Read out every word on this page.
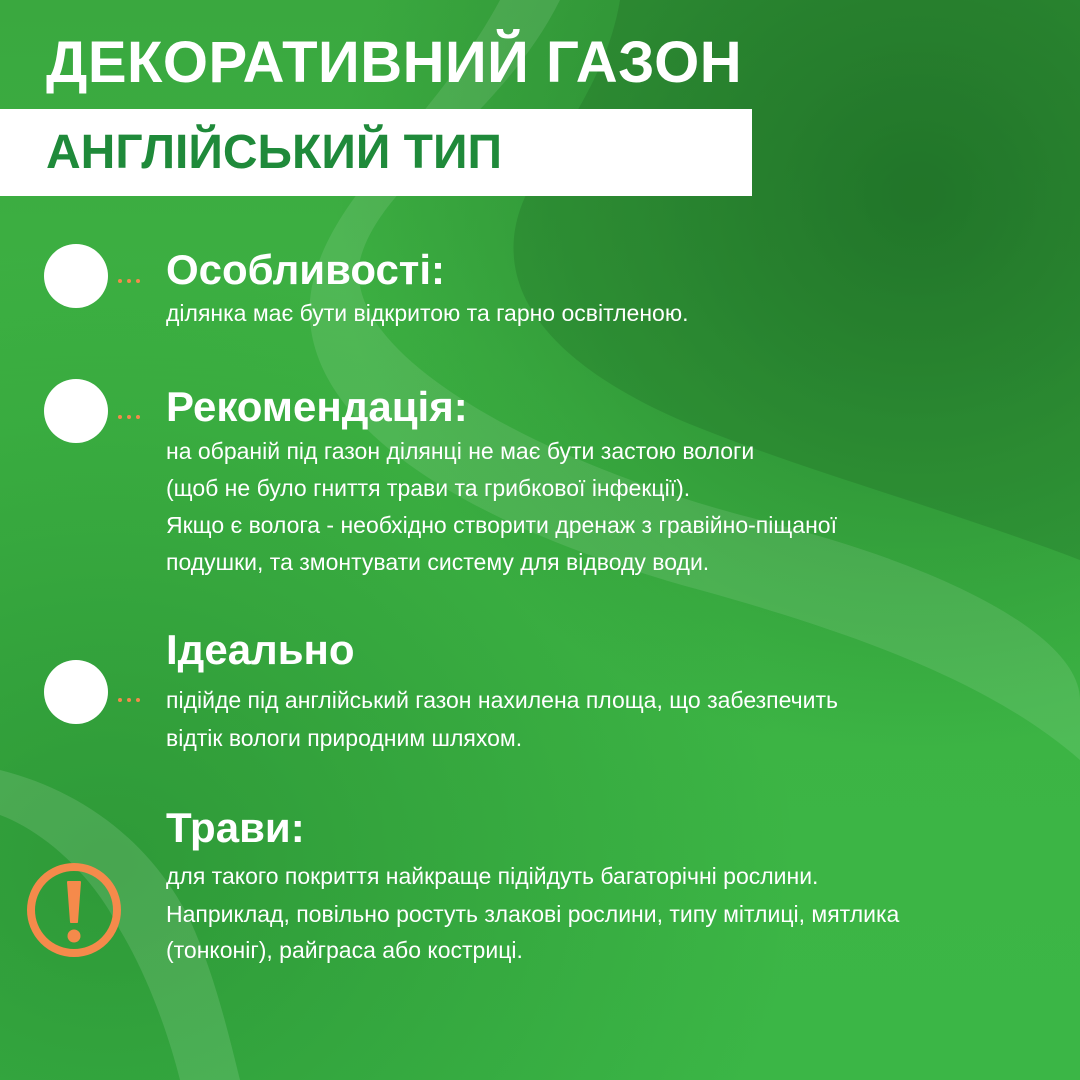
ДЕКОРАТИВНИЙ ГАЗОН
АНГЛІЙСЬКИЙ ТИП
Особливості:

ділянка має бути відкритою та гарно освітленою.

Рекомендація:

на обраній під газон ділянці не має бути застою вологи

(щоб не було гниття трави та грибкової інфекції).

Якщо є волога - необхідно створити дренаж з гравійно-піщаної

подушки, та змонтувати систему для відводу води.

Ідеально

підійде під англійський газон нахилена площа, що забезпечить

відтік вологи природним шляхом.

Трави:

для такого покриття найкраще підійдуть багаторічні рослини.

Наприклад, повільно ростуть злакові рослини, типу мітлиці, мятлика

(тонконіг), райграса або костриці.
